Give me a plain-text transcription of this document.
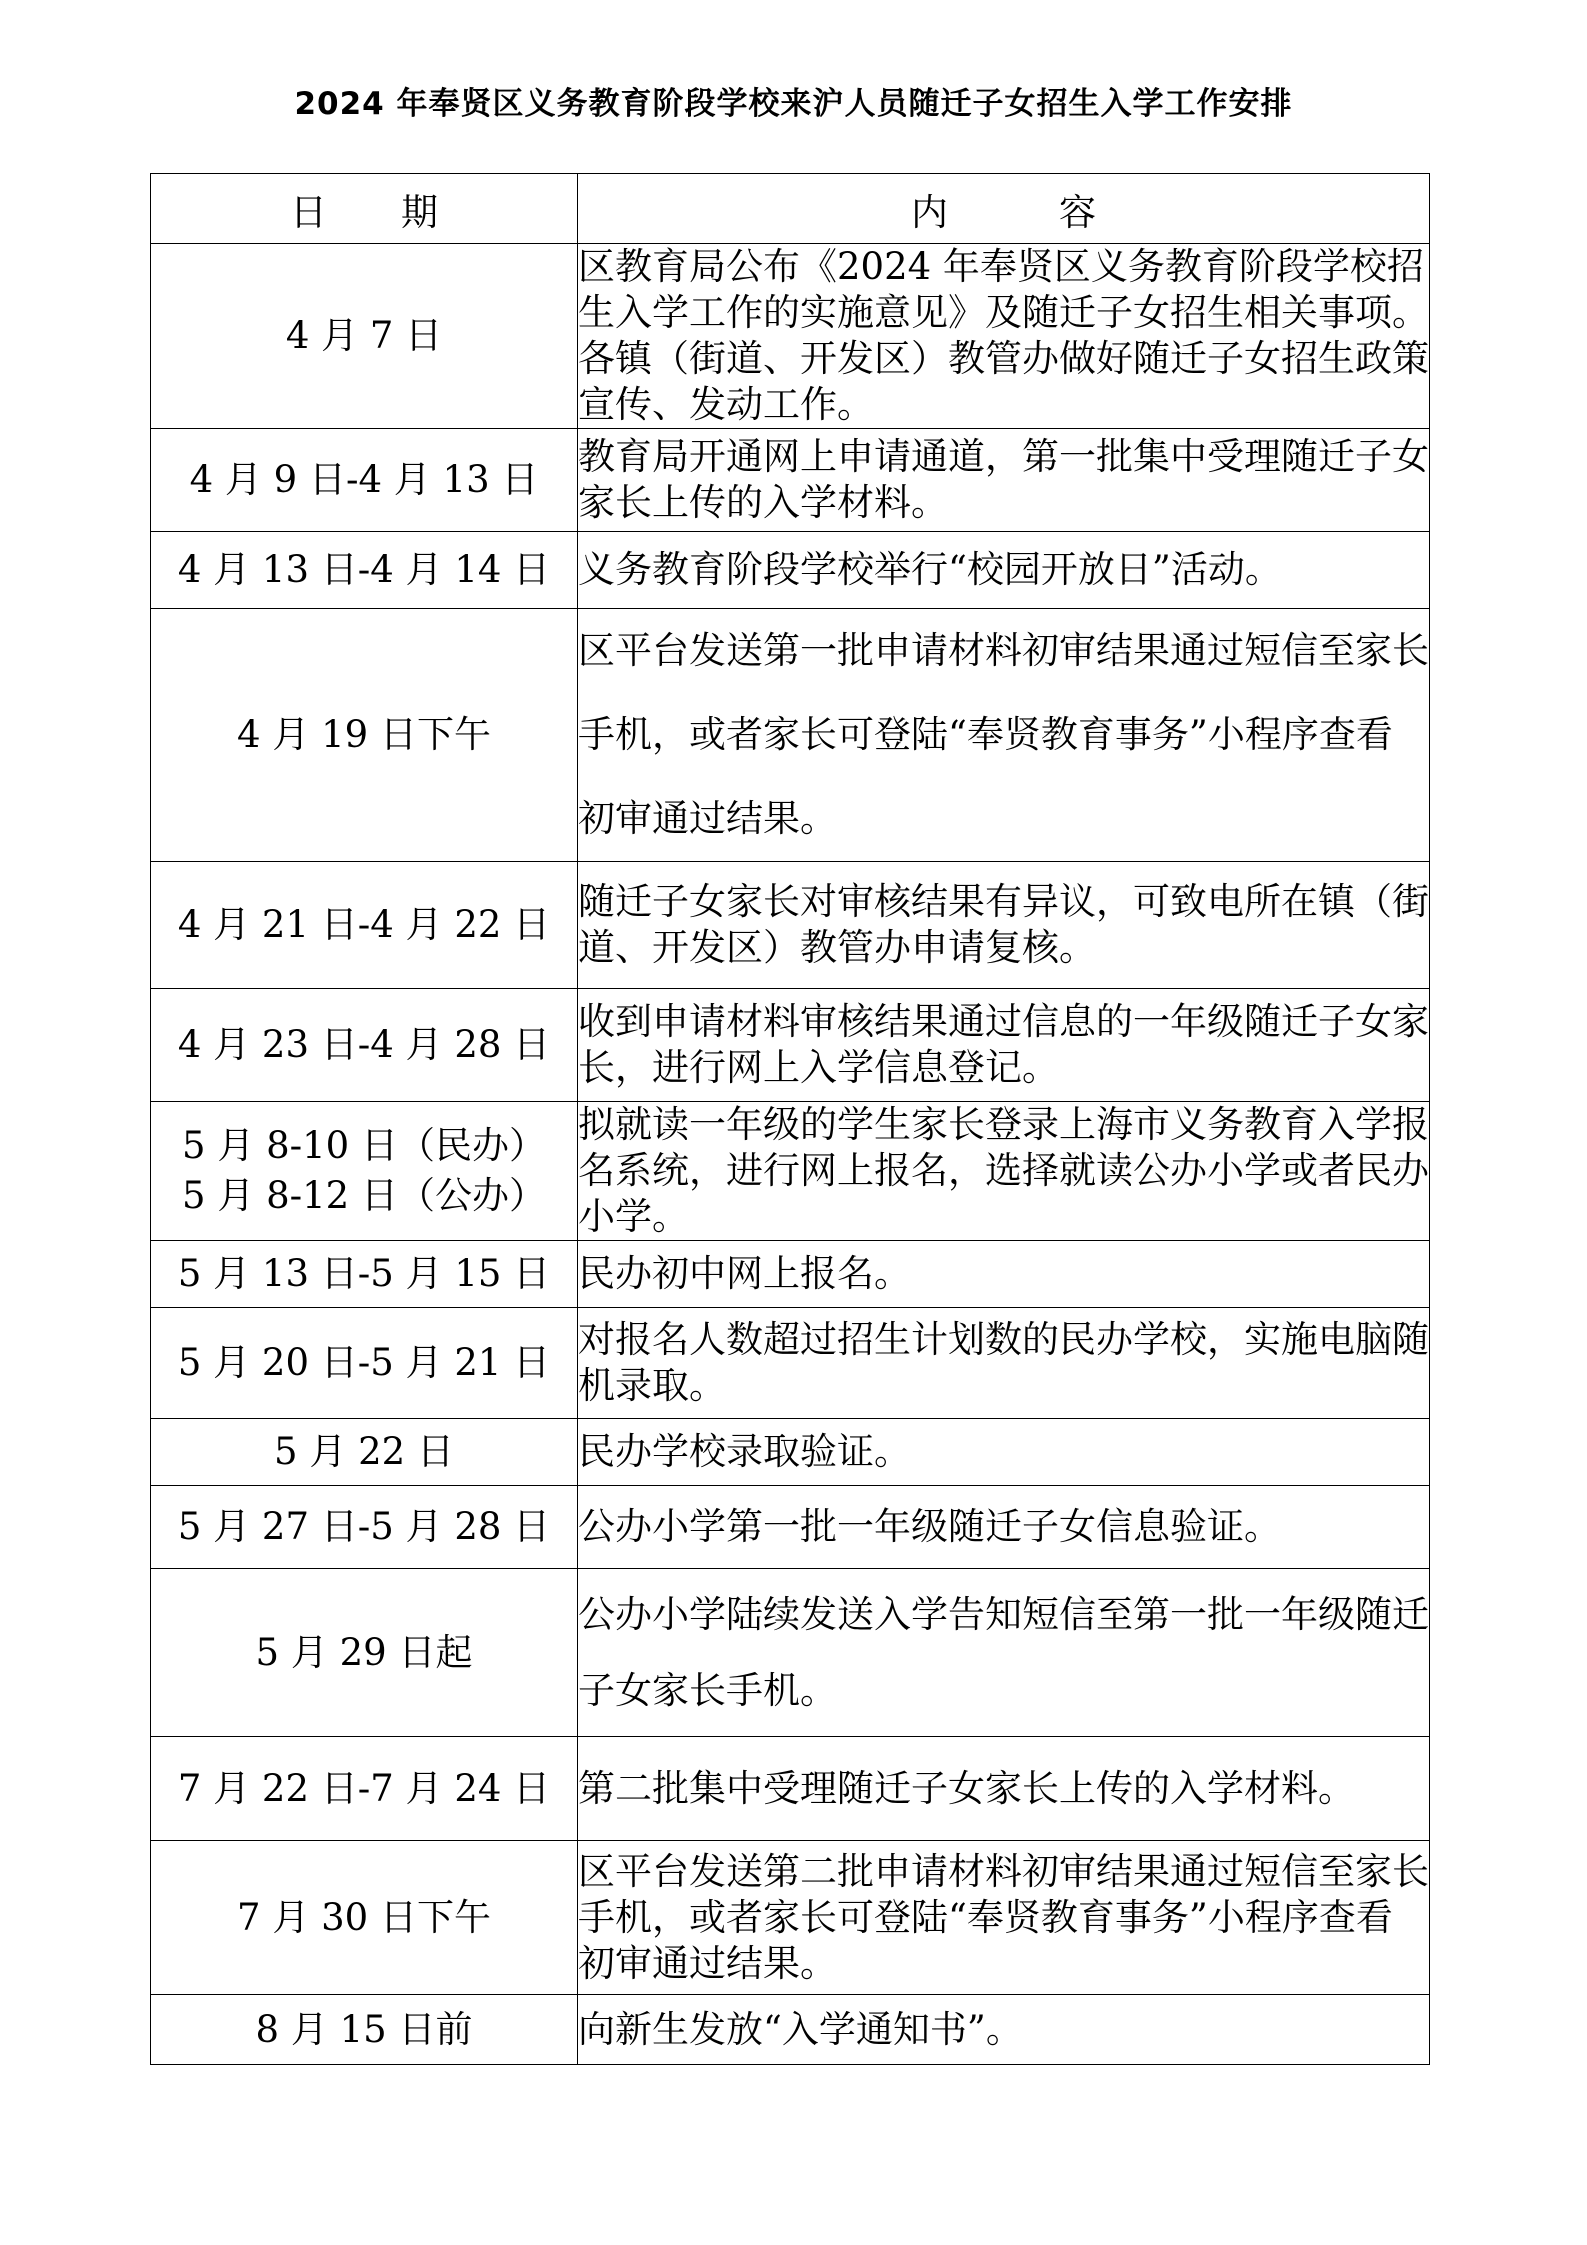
2024 年奉贤区义务教育阶段学校来沪人员随迁子女招生入学工作安排
日　　期	内　　　容

4 月 7 日	区教育局公布《2024 年奉贤区义务教育阶段学校招生入学工作的实施意见》及随迁子女招生相关事项。各镇（街道、开发区）教管办做好随迁子女招生政策宣传、发动工作。

4 月 9 日-4 月 13 日	教育局开通网上申请通道，第一批集中受理随迁子女家长上传的入学材料。

4 月 13 日-4 月 14 日	义务教育阶段学校举行“校园开放日”活动。

4 月 19 日下午	区平台发送第一批申请材料初审结果通过短信至家长手机，或者家长可登陆“奉贤教育事务”小程序查看初审通过结果。

4 月 21 日-4 月 22 日	随迁子女家长对审核结果有异议，可致电所在镇（街道、开发区）教管办申请复核。

4 月 23 日-4 月 28 日	收到申请材料审核结果通过信息的一年级随迁子女家长，进行网上入学信息登记。

5 月 8-10 日（民办）
5 月 8-12 日（公办）	拟就读一年级的学生家长登录上海市义务教育入学报名系统，进行网上报名，选择就读公办小学或者民办小学。

5 月 13 日-5 月 15 日	民办初中网上报名。

5 月 20 日-5 月 21 日	对报名人数超过招生计划数的民办学校，实施电脑随机录取。

5 月 22 日	民办学校录取验证。

5 月 27 日-5 月 28 日	公办小学第一批一年级随迁子女信息验证。

5 月 29 日起	公办小学陆续发送入学告知短信至第一批一年级随迁子女家长手机。

7 月 22 日-7 月 24 日	第二批集中受理随迁子女家长上传的入学材料。

7 月 30 日下午	区平台发送第二批申请材料初审结果通过短信至家长手机，或者家长可登陆“奉贤教育事务”小程序查看初审通过结果。

8 月 15 日前	向新生发放“入学通知书”。
